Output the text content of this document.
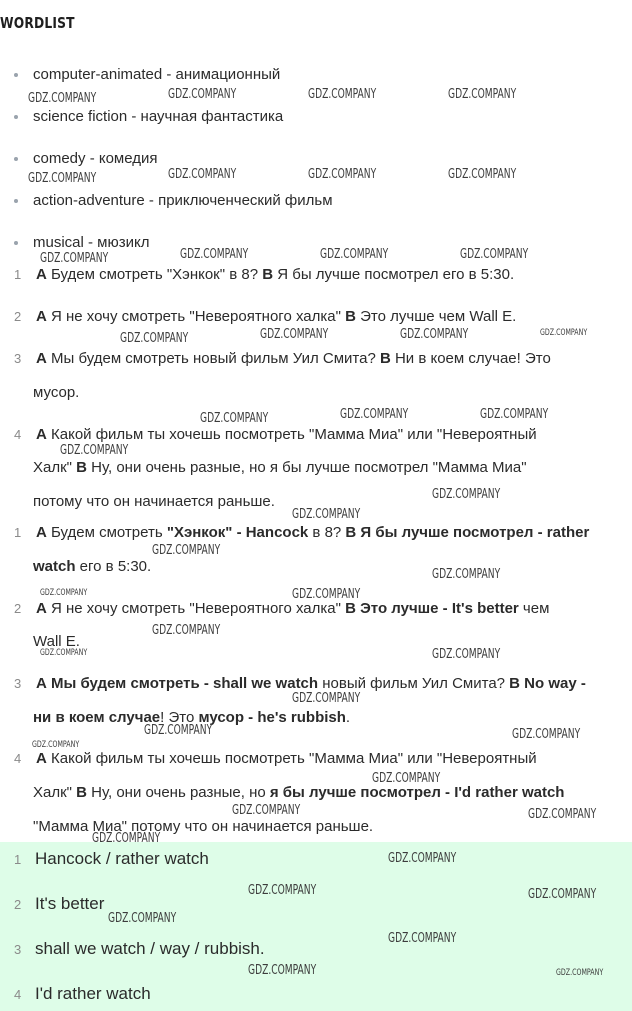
WORDLIST
computer-animated - анимационный
science fiction - научная фантастика
comedy - комедия
action-adventure - приключенческий фильм
musical - мюзикл
1 А Будем смотреть "Хэнкок" в 8? В Я бы лучше посмотрел его в 5:30.
2 А Я не хочу смотреть "Невероятного халка" В Это лучше чем Wall E.
3 А Мы будем смотреть новый фильм Уил Смита? В Ни в коем случае! Это
мусор.
4 А Какой фильм ты хочешь посмотреть "Мамма Миа" или "Невероятный
Халк" В Ну, они очень разные, но я бы лучше посмотрел "Мамма Миа"
потому что он начинается раньше.
1 А Будем смотреть "Хэнкок" - Hancock в 8? В Я бы лучше посмотрел - rather
watch его в 5:30.
2 А Я не хочу смотреть "Невероятного халка" В Это лучше - It's better чем
Wall E.
3 А Мы будем смотреть - shall we watch новый фильм Уил Смита? В No way -
ни в коем случае! Это мусор - he's rubbish.
4 А Какой фильм ты хочешь посмотреть "Мамма Миа" или "Невероятный
Халк" В Ну, они очень разные, но я бы лучше посмотрел - I'd rather watch
"Мамма Миа" потому что он начинается раньше.
1 Hancock / rather watch
2 It's better
3 shall we watch / way / rubbish.
4 I'd rather watch
GDZ.COMPANY	GDZ.COMPANY	GDZ.COMPANY	GDZ.COMPANY
GDZ.COMPANY	GDZ.COMPANY	GDZ.COMPANY	GDZ.COMPANY
GDZ.COMPANY	GDZ.COMPANY	GDZ.COMPANY	GDZ.COMPANY
GDZ.COMPANY	GDZ.COMPANY	GDZ.COMPANY	GDZ.COMPANY
GDZ.COMPANY	GDZ.COMPANY	GDZ.COMPANY
GDZ.COMPANY
GDZ.COMPANY
GDZ.COMPANY
GDZ.COMPANY
GDZ.COMPANY
GDZ.COMPANY	GDZ.COMPANY
GDZ.COMPANY
GDZ.COMPANY	GDZ.COMPANY
GDZ.COMPANY
GDZ.COMPANY	GDZ.COMPANY
GDZ.COMPANY
GDZ.COMPANY
GDZ.COMPANY	GDZ.COMPANY
GDZ.COMPANY
GDZ.COMPANY
GDZ.COMPANY	GDZ.COMPANY
GDZ.COMPANY
GDZ.COMPANY
GDZ.COMPANY	GDZ.COMPANY
